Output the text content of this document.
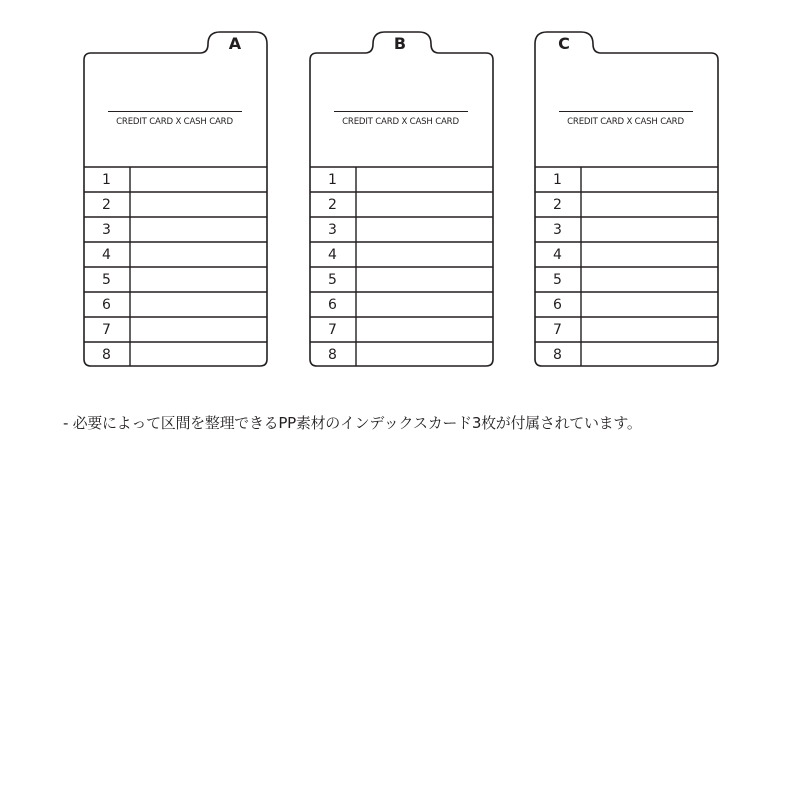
A
CREDIT CARD X CASH CARD
1
2
3
4
5
6
7
8
B
CREDIT CARD X CASH CARD
1
2
3
4
5
6
7
8
C
CREDIT CARD X CASH CARD
1
2
3
4
5
6
7
8
- 必要によって区間を整理できるPP素材のインデックスカード3枚が付属されています。
